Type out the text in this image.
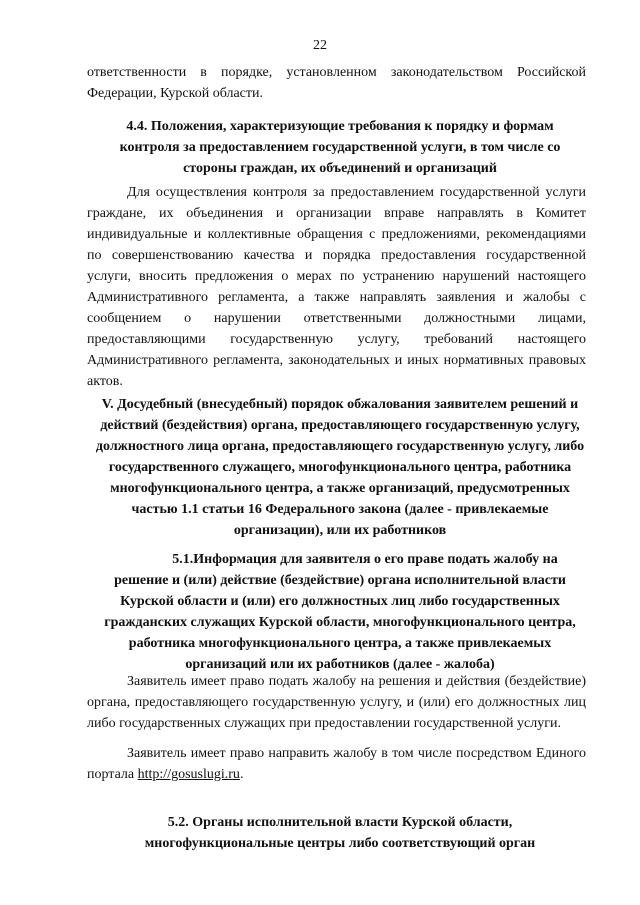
22
ответственности в порядке, установленном законодательством Российской Федерации, Курской области.
4.4. Положения, характеризующие требования к порядку и формам контроля за предоставлением государственной услуги, в том числе со стороны граждан, их объединений и организаций
Для осуществления контроля за предоставлением государственной услуги граждане, их объединения и организации вправе направлять в Комитет индивидуальные и коллективные обращения с предложениями, рекомендациями по совершенствованию качества и порядка предоставления государственной услуги, вносить предложения о мерах по устранению нарушений настоящего Административного регламента, а также направлять заявления и жалобы с сообщением о нарушении ответственными должностными лицами, предоставляющими государственную услугу, требований настоящего Административного регламента, законодательных и иных нормативных правовых актов.
V. Досудебный (внесудебный) порядок обжалования заявителем решений и действий (бездействия) органа, предоставляющего государственную услугу, должностного лица органа, предоставляющего государственную услугу, либо государственного служащего, многофункционального центра, работника многофункционального центра, а также организаций, предусмотренных частью 1.1 статьи 16 Федерального закона (далее - привлекаемые организации), или их работников
5.1.Информация для заявителя о его праве подать жалобу на решение и (или) действие (бездействие) органа исполнительной власти Курской области и (или) его должностных лиц либо государственных гражданских служащих Курской области, многофункционального центра, работника многофункционального центра, а также привлекаемых организаций или их работников (далее - жалоба)
Заявитель имеет право подать жалобу на решения и действия (бездействие) органа, предоставляющего государственную услугу, и (или) его должностных лиц либо государственных служащих при предоставлении государственной услуги.
Заявитель имеет право направить жалобу в том числе посредством Единого портала http://gosuslugi.ru.
5.2. Органы исполнительной власти Курской области, многофункциональные центры либо соответствующий орган
